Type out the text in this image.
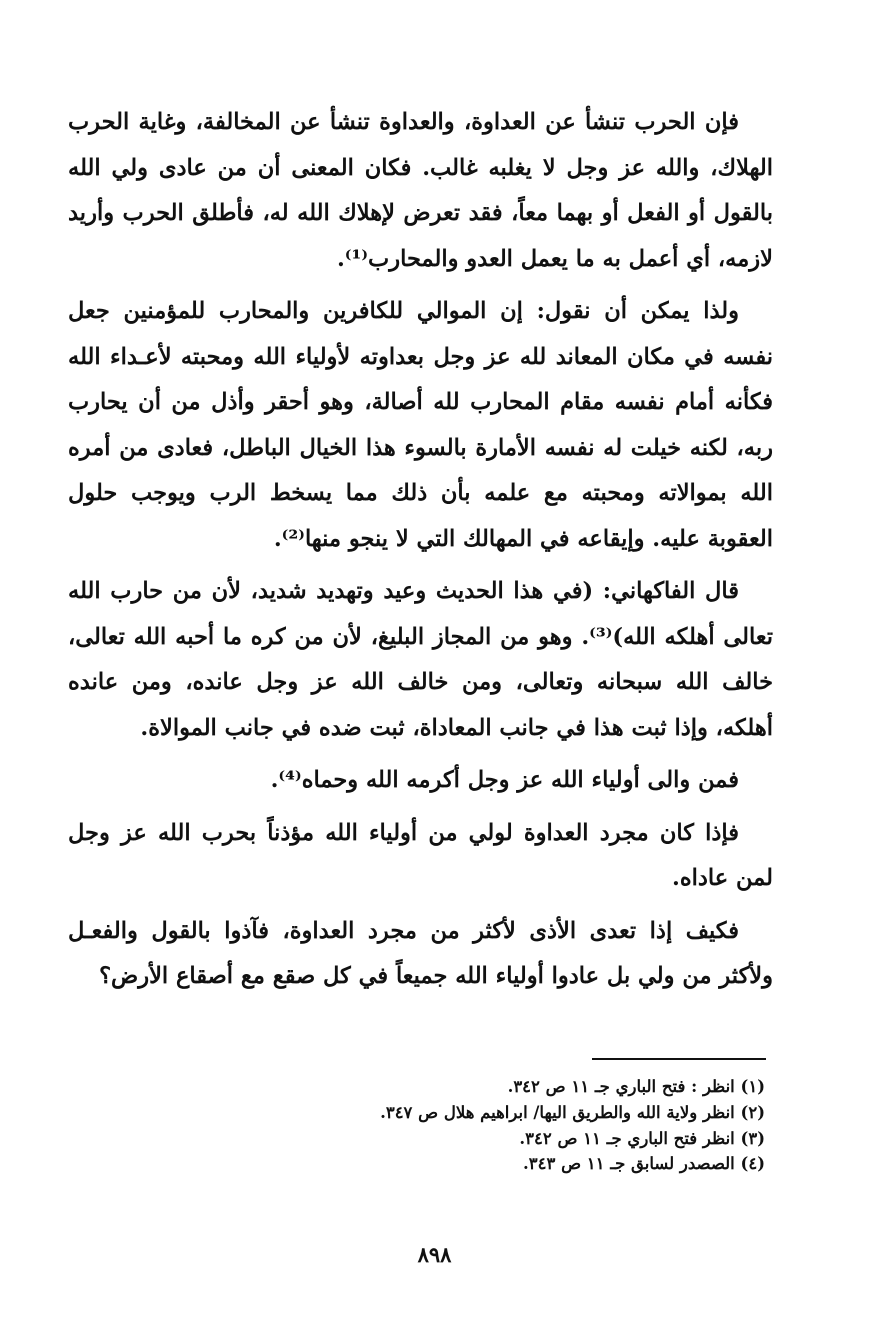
فإن الحرب تنشأ عن العداوة، والعداوة تنشأ عن المخالفة، وغاية الحرب الهلاك، والله عز وجل لا يغلبه غالب. فكان المعنى أن من عادى ولي الله بالقول أو الفعل أو بهما معاً، فقد تعرض لإهلاك الله له، فأطلق الحرب وأريد لازمه، أي أعمل به ما يعمل العدو والمحارب⁽¹⁾.

ولذا يمكن أن نقول: إن الموالي للكافرين والمحارب للمؤمنين جعل نفسه في مكان المعاند لله عز وجل بعداوته لأولياء الله ومحبته لأعـداء الله فكأنه أمام نفسه مقام المحارب لله أصالة، وهو أحقر وأذل من أن يحارب ربه، لكنه خيلت له نفسه الأمارة بالسوء هذا الخيال الباطل، فعادى من أمره الله بموالاته ومحبته مع علمه بأن ذلك مما يسخط الرب ويوجب حلول العقوبة عليه. وإيقاعه في المهالك التي لا ينجو منها⁽²⁾.

قال الفاكهاني: (في هذا الحديث وعيد وتهديد شديد، لأن من حارب الله تعالى أهلكه الله)⁽³⁾. وهو من المجاز البليغ، لأن من كره ما أحبه الله تعالى، خالف الله سبحانه وتعالى، ومن خالف الله عز وجل عانده، ومن عانده أهلكه، وإذا ثبت هذا في جانب المعاداة، ثبت ضده في جانب الموالاة.

فمن والى أولياء الله عز وجل أكرمه الله وحماه⁽⁴⁾.

فإذا كان مجرد العداوة لولي من أولياء الله مؤذناً بحرب الله عز وجل لمن عاداه.

فكيف إذا تعدى الأذى لأكثر من مجرد العداوة، فآذوا بالقول والفعـل ولأكثر من ولي بل عادوا أولياء الله جميعاً في كل صقع مع أصقاع الأرض؟

(١) انظر : فتح الباري جـ ١١ ص ٣٤٢.

(٢) انظر ولاية الله والطريق اليها/ ابراهيم هلال ص ٣٤٧.

(٣) انظر فتح الباري جـ ١١ ص ٣٤٢.

(٤) الصصدر لسابق جـ ١١ ص ٣٤٣.

٨٩٨
